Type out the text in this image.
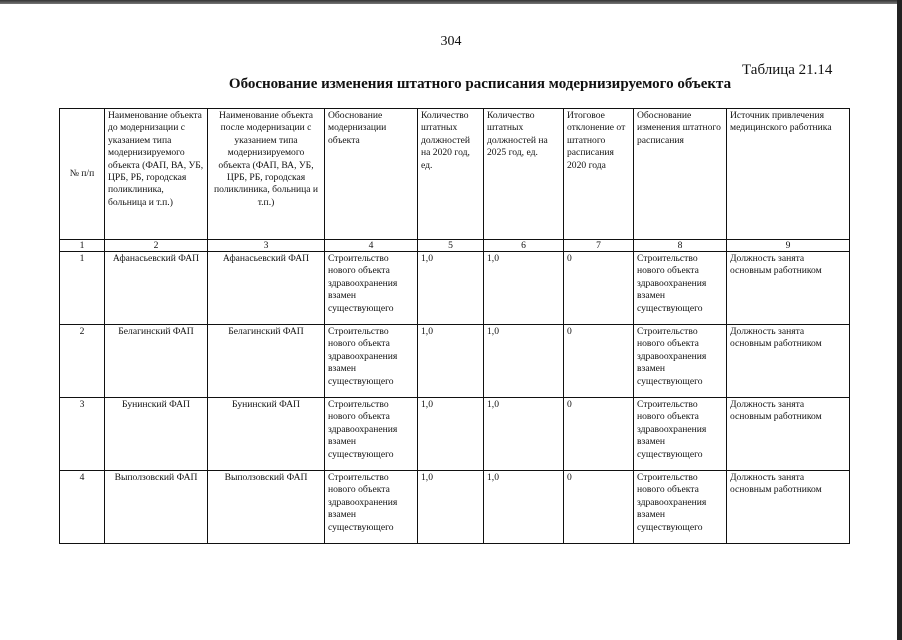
304
Таблица 21.14
Обоснование изменения штатного расписания модернизируемого объекта
№ п/п	Наименование объекта до модернизации с указанием типа модернизируемого объекта (ФАП, ВА, УБ, ЦРБ, РБ, городская поликлиника, больница и т.п.)	Наименование объекта после модернизации с указанием типа модернизируемого объекта (ФАП, ВА, УБ, ЦРБ, РБ, городская поликлиника, больница и т.п.)	Обоснование модернизации объекта	Количество штатных должностей на 2020 год, ед.	Количество штатных должностей на 2025 год, ед.	Итоговое отклонение от штатного расписания 2020 года	Обоснование изменения штатного расписания	Источник привлечения медицинского работника
1	2	3	4	5	6	7	8	9
1	Афанасьевский ФАП	Афанасьевский ФАП	Строительство нового объекта здравоохранения взамен существующего	1,0	1,0	0	Строительство нового объекта здравоохранения взамен существующего	Должность занята основным работником
2	Белагинский ФАП	Белагинский ФАП	Строительство нового объекта здравоохранения взамен существующего	1,0	1,0	0	Строительство нового объекта здравоохранения взамен существующего	Должность занята основным работником
3	Бунинский ФАП	Бунинский ФАП	Строительство нового объекта здравоохранения взамен существующего	1,0	1,0	0	Строительство нового объекта здравоохранения взамен существующего	Должность занята основным работником
4	Выползовский ФАП	Выползовский ФАП	Строительство нового объекта здравоохранения взамен существующего	1,0	1,0	0	Строительство нового объекта здравоохранения взамен существующего	Должность занята основным работником
